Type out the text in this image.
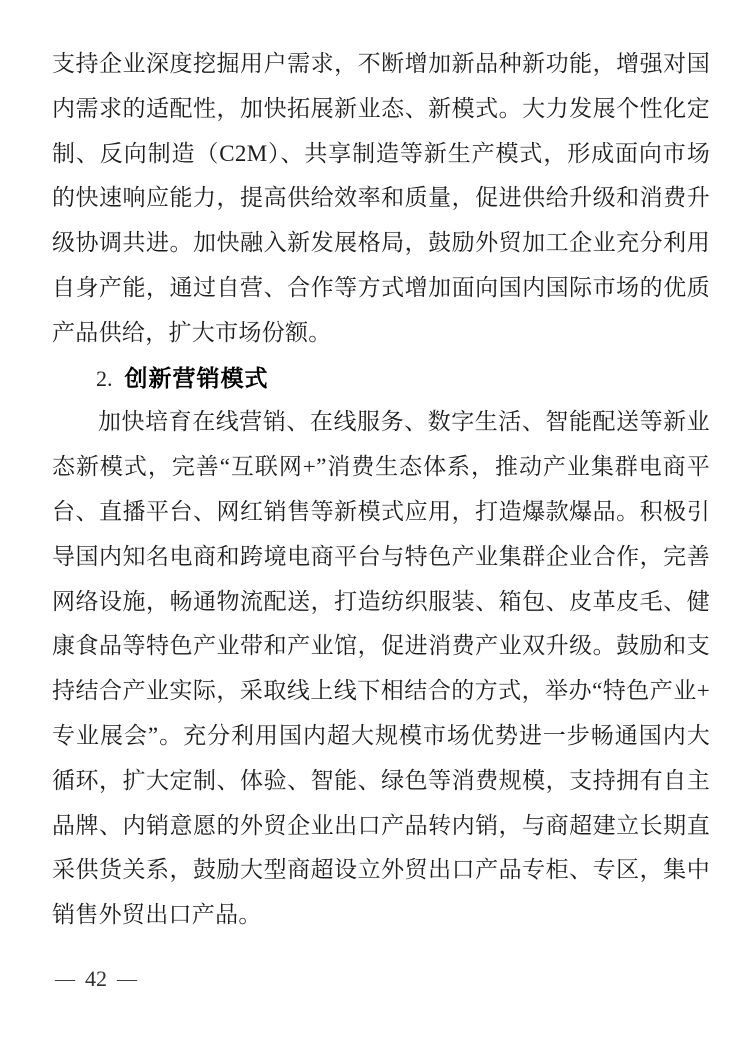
支持企业深度挖掘用户需求，不断增加新品种新功能，增强对国
内需求的适配性，加快拓展新业态、新模式。大力发展个性化定
制、反向制造（C2M）、共享制造等新生产模式，形成面向市场
的快速响应能力，提高供给效率和质量，促进供给升级和消费升
级协调共进。加快融入新发展格局，鼓励外贸加工企业充分利用
自身产能，通过自营、合作等方式增加面向国内国际市场的优质
产品供给，扩大市场份额。
2. 创新营销模式
加快培育在线营销、在线服务、数字生活、智能配送等新业
态新模式，完善“互联网+”消费生态体系，推动产业集群电商平
台、直播平台、网红销售等新模式应用，打造爆款爆品。积极引
导国内知名电商和跨境电商平台与特色产业集群企业合作，完善
网络设施，畅通物流配送，打造纺织服装、箱包、皮革皮毛、健
康食品等特色产业带和产业馆，促进消费产业双升级。鼓励和支
持结合产业实际，采取线上线下相结合的方式，举办“特色产业+
专业展会”。充分利用国内超大规模市场优势进一步畅通国内大
循环，扩大定制、体验、智能、绿色等消费规模，支持拥有自主
品牌、内销意愿的外贸企业出口产品转内销，与商超建立长期直
采供货关系，鼓励大型商超设立外贸出口产品专柜、专区，集中
销售外贸出口产品。
— 42 —
